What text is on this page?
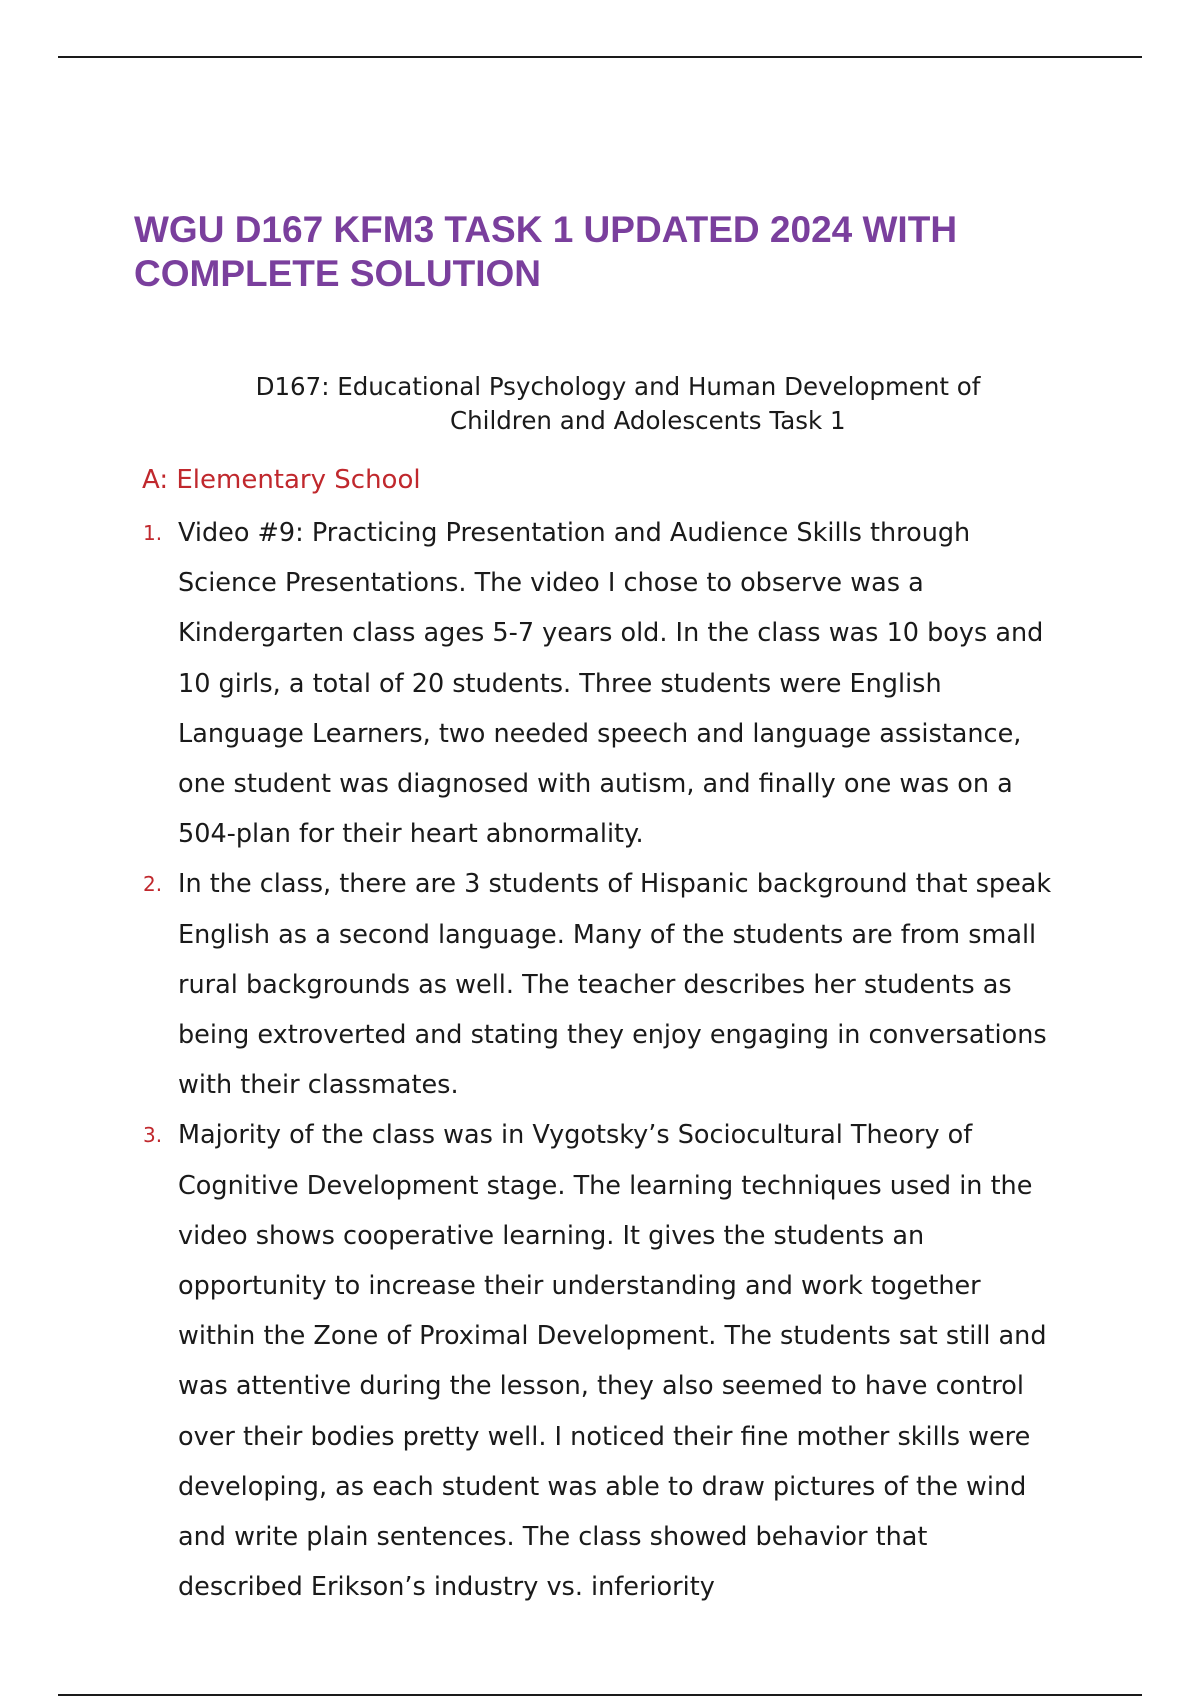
WGU D167 KFM3 TASK 1 UPDATED 2024 WITH COMPLETE SOLUTION

D167: Educational Psychology and Human Development of
Children and Adolescents Task 1

A: Elementary School
1. Video #9: Practicing Presentation and Audience Skills through Science Presentations. The video I chose to observe was a Kindergarten class ages 5-7 years old. In the class was 10 boys and 10 girls, a total of 20 students. Three students were English Language Learners, two needed speech and language assistance, one student was diagnosed with autism, and finally one was on a 504-plan for their heart abnormality.
2. In the class, there are 3 students of Hispanic background that speak English as a second language. Many of the students are from small rural backgrounds as well. The teacher describes her students as being extroverted and stating they enjoy engaging in conversations with their classmates.
3. Majority of the class was in Vygotsky’s Sociocultural Theory of Cognitive Development stage. The learning techniques used in the video shows cooperative learning. It gives the students an opportunity to increase their understanding and work together within the Zone of Proximal Development. The students sat still and was attentive during the lesson, they also seemed to have control over their bodies pretty well. I noticed their fine mother skills were developing, as each student was able to draw pictures of the wind and write plain sentences. The class showed behavior that described Erikson’s industry vs. inferiority
